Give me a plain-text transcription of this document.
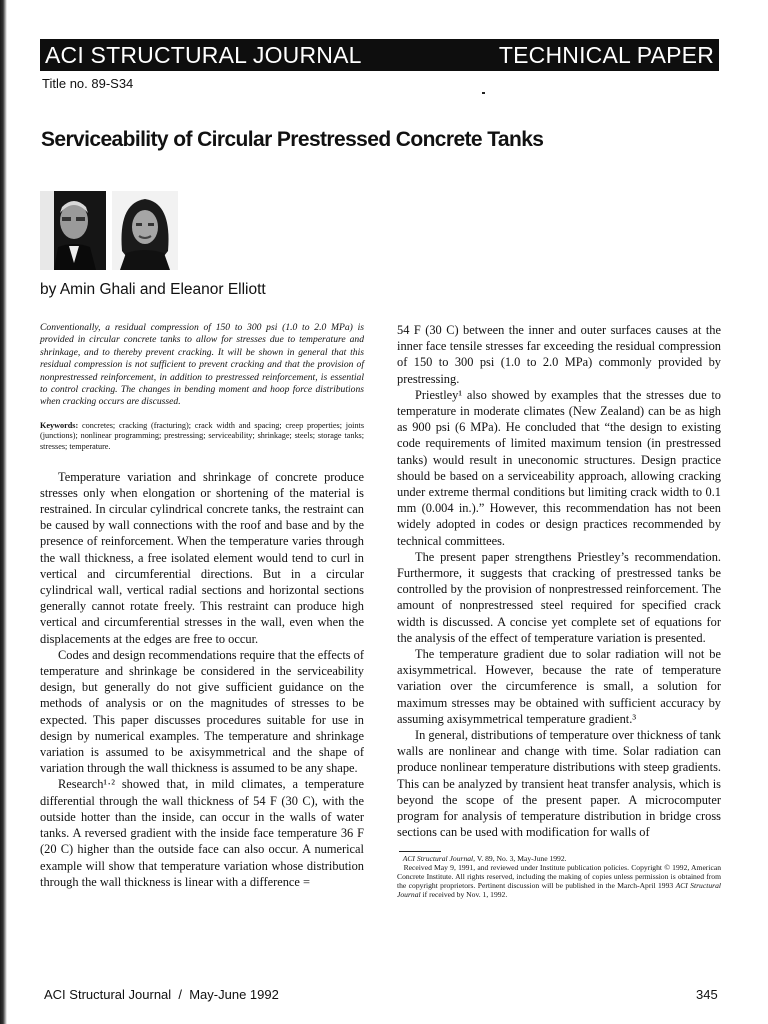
ACI STRUCTURAL JOURNAL	TECHNICAL PAPER
Title no. 89-S34
Serviceability of Circular Prestressed Concrete Tanks
by Amin Ghali and Eleanor Elliott

Conventionally, a residual compression of 150 to 300 psi (1.0 to 2.0 MPa) is provided in circular concrete tanks to allow for stresses due to temperature and shrinkage, and to thereby prevent cracking. It will be shown in general that this residual compression is not sufficient to prevent cracking and that the provision of nonprestressed reinforcement, in addition to prestressed reinforcement, is essential to control cracking. The changes in bending moment and hoop force distributions when cracking occurs are discussed.

Keywords: concretes; cracking (fracturing); crack width and spacing; creep properties; joints (junctions); nonlinear programming; prestressing; serviceability; shrinkage; steels; storage tanks; stresses; temperature.

Temperature variation and shrinkage of concrete produce stresses only when elongation or shortening of the material is restrained. In circular cylindrical concrete tanks, the restraint can be caused by wall connections with the roof and base and by the presence of reinforcement. When the temperature varies through the wall thickness, a free isolated element would tend to curl in vertical and circumferential directions. But in a circular cylindrical wall, vertical radial sections and horizontal sections generally cannot rotate freely. This restraint can produce high vertical and circumferential stresses in the wall, even when the displacements at the edges are free to occur.

Codes and design recommendations require that the effects of temperature and shrinkage be considered in the serviceability design, but generally do not give sufficient guidance on the methods of analysis or on the magnitudes of stresses to be expected. This paper discusses procedures suitable for use in design by numerical examples. The temperature and shrinkage variation is assumed to be axisymmetrical and the shape of variation through the wall thickness is assumed to be any shape.

Research¹·² showed that, in mild climates, a temperature differential through the wall thickness of 54 F (30 C), with the outside hotter than the inside, can occur in the walls of water tanks. A reversed gradient with the inside face temperature 36 F (20 C) higher than the outside face can also occur. A numerical example will show that temperature variation whose distribution through the wall thickness is linear with a difference =

54 F (30 C) between the inner and outer surfaces causes at the inner face tensile stresses far exceeding the residual compression of 150 to 300 psi (1.0 to 2.0 MPa) commonly provided by prestressing.

Priestley¹ also showed by examples that the stresses due to temperature in moderate climates (New Zealand) can be as high as 900 psi (6 MPa). He concluded that “the design to existing code requirements of limited maximum tension (in prestressed tanks) would result in uneconomic structures. Design practice should be based on a serviceability approach, allowing cracking under extreme thermal conditions but limiting crack width to 0.1 mm (0.004 in.).” However, this recommendation has not been widely adopted in codes or design practices recommended by technical committees.

The present paper strengthens Priestley’s recommendation. Furthermore, it suggests that cracking of prestressed tanks be controlled by the provision of nonprestressed reinforcement. The amount of nonprestressed steel required for specified crack width is discussed. A concise yet complete set of equations for the analysis of the effect of temperature variation is presented.

The temperature gradient due to solar radiation will not be axisymmetrical. However, because the rate of temperature variation over the circumference is small, a solution for maximum stresses may be obtained with sufficient accuracy by assuming axisymmetrical temperature gradient.³

In general, distributions of temperature over thickness of tank walls are nonlinear and change with time. Solar radiation can produce nonlinear temperature distributions with steep gradients. This can be analyzed by transient heat transfer analysis, which is beyond the scope of the present paper. A microcomputer program for analysis of temperature distribution in bridge cross sections can be used with modification for walls of

ACI Structural Journal, V. 89, No. 3, May-June 1992.

Received May 9, 1991, and reviewed under Institute publication policies. Copyright © 1992, American Concrete Institute. All rights reserved, including the making of copies unless permission is obtained from the copyright proprietors. Pertinent discussion will be published in the March-April 1993 ACI Structural Journal if received by Nov. 1, 1992.

ACI Structural Journal  /  May-June 1992	345
